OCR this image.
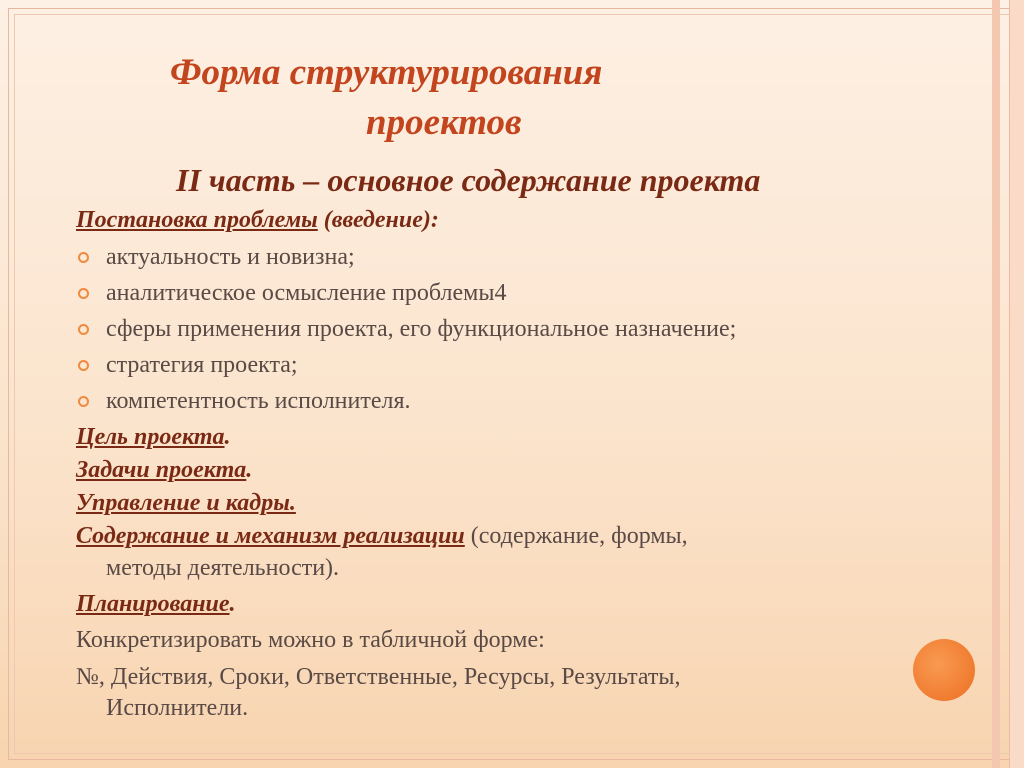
Форма структурирования
проектов
II часть – основное содержание проекта

Постановка проблемы (введение):

актуальность и новизна;
аналитическое осмысление проблемы4
сферы применения проекта, его функциональное назначение;
стратегия проекта;
компетентность исполнителя.

Цель проекта.

Задачи проекта.

Управление и кадры.

Содержание и механизм реализации (содержание, формы,

методы деятельности).

Планирование.

Конкретизировать можно в табличной форме:

№, Действия, Сроки, Ответственные, Ресурсы, Результаты,

Исполнители.
